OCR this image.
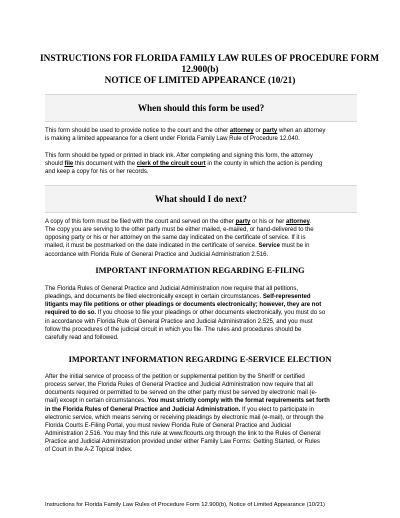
INSTRUCTIONS FOR FLORIDA FAMILY LAW RULES OF PROCEDURE FORM
12.900(b)
NOTICE OF LIMITED APPEARANCE (10/21)
When should this form be used?
This form should be used to provide notice to the court and the other attorney or party when an attorney
is making a limited appearance for a client under Florida Family Law Rule of Procedure 12.040.
This form should be typed or printed in black ink. After completing and signing this form, the attorney
should file this document with the clerk of the circuit court in the county in which the action is pending
and keep a copy for his or her records.
What should I do next?
A copy of this form must be filed with the court and served on the other party or his or her attorney.
The copy you are serving to the other party must be either mailed, e-mailed, or hand-delivered to the
opposing party or his or her attorney on the same day indicated on the certificate of service. If it is
mailed, it must be postmarked on the date indicated in the certificate of service. Service must be in
accordance with Florida Rule of General Practice and Judicial Administration 2.516.
IMPORTANT INFORMATION REGARDING E-FILING
The Florida Rules of General Practice and Judicial Administration now require that all petitions,
pleadings, and documents be filed electronically except in certain circumstances. Self-represented
litigants may file petitions or other pleadings or documents electronically; however, they are not
required to do so. If you choose to file your pleadings or other documents electronically, you must do so
in accordance with Florida Rule of General Practice and Judicial Administration 2.525, and you must
follow the procedures of the judicial circuit in which you file. The rules and procedures should be
carefully read and followed.
IMPORTANT INFORMATION REGARDING E-SERVICE ELECTION
After the initial service of process of the petition or supplemental petition by the Sheriff or certified
process server, the Florida Rules of General Practice and Judicial Administration now require that all
documents required or permitted to be served on the other party must be served by electronic mail (e-
mail) except in certain circumstances. You must strictly comply with the format requirements set forth
in the Florida Rules of General Practice and Judicial Administration. If you elect to participate in
electronic service, which means serving or receiving pleadings by electronic mail (e-mail), or through the
Florida Courts E-Filing Portal, you must review Florida Rule of General Practice and Judicial
Administration 2.516. You may find this rule at www.flcourts.org through the link to the Rules of General
Practice and Judicial Administration provided under either Family Law Forms: Getting Started, or Rules
of Court in the A-Z Topical Index.
Instructions for Florida Family Law Rules of Procedure Form 12.900(b), Notice of Limited Appearance (10/21)
